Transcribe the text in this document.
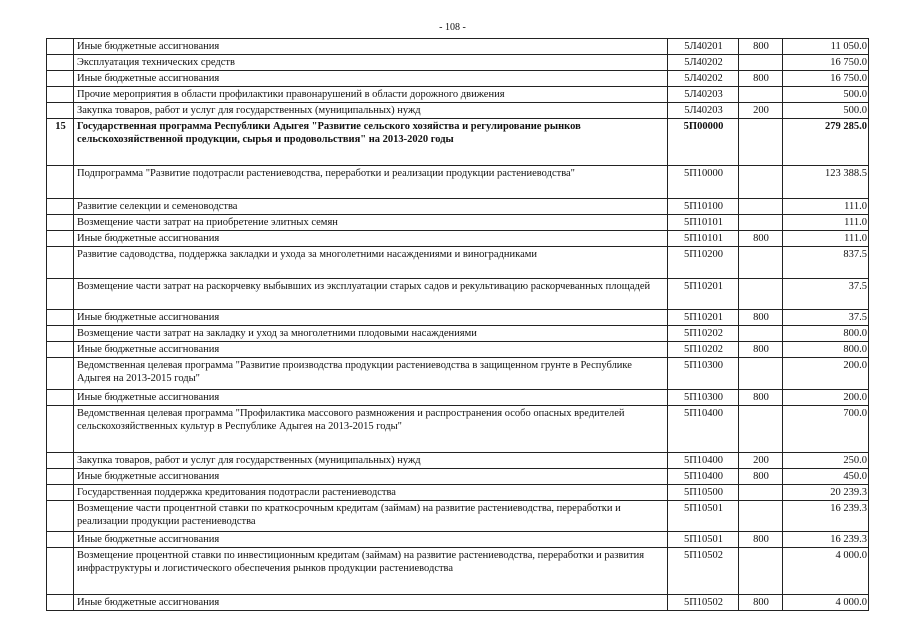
- 108 -
	Иные бюджетные ассигнования	5Л40201	800	11 050.0
	Эксплуатация технических средств	5Л40202		16 750.0
	Иные бюджетные ассигнования	5Л40202	800	16 750.0
	Прочие мероприятия в области профилактики правонарушений в области дорожного движения	5Л40203		500.0
	Закупка товаров, работ и услуг для государственных (муниципальных) нужд	5Л40203	200	500.0
15	Государственная программа Республики Адыгея "Развитие сельского хозяйства и регулирование рынков сельскохозяйственной продукции, сырья и продовольствия" на 2013-2020 годы	5П00000		279 285.0
	Подпрограмма "Развитие подотрасли растениеводства, переработки и реализации продукции растениеводства"	5П10000		123 388.5
	Развитие селекции и семеноводства	5П10100		111.0
	Возмещение части затрат на приобретение элитных семян	5П10101		111.0
	Иные бюджетные ассигнования	5П10101	800	111.0
	Развитие садоводства, поддержка закладки и ухода за многолетними насаждениями и виноградниками	5П10200		837.5
	Возмещение части затрат на раскорчевку выбывших из эксплуатации старых садов и рекультивацию раскорчеванных площадей	5П10201		37.5
	Иные бюджетные ассигнования	5П10201	800	37.5
	Возмещение части затрат на закладку и уход за многолетними плодовыми насаждениями	5П10202		800.0
	Иные бюджетные ассигнования	5П10202	800	800.0
	Ведомственная целевая программа "Развитие производства продукции растениеводства в защищенном грунте в Республике Адыгея на 2013-2015 годы"	5П10300		200.0
	Иные бюджетные ассигнования	5П10300	800	200.0
	Ведомственная целевая программа "Профилактика массового размножения и распространения особо опасных вредителей сельскохозяйственных культур в Республике Адыгея на 2013-2015 годы"	5П10400		700.0
	Закупка товаров, работ и услуг для государственных (муниципальных) нужд	5П10400	200	250.0
	Иные бюджетные ассигнования	5П10400	800	450.0
	Государственная поддержка кредитования подотрасли растениеводства	5П10500		20 239.3
	Возмещение части процентной ставки по краткосрочным кредитам (займам) на развитие растениеводства, переработки и реализации продукции растениеводства	5П10501		16 239.3
	Иные бюджетные ассигнования	5П10501	800	16 239.3
	Возмещение процентной ставки по инвестиционным кредитам (займам) на развитие растениеводства, переработки и развития инфраструктуры и логистического обеспечения рынков продукции растениеводства	5П10502		4 000.0
	Иные бюджетные ассигнования	5П10502	800	4 000.0
